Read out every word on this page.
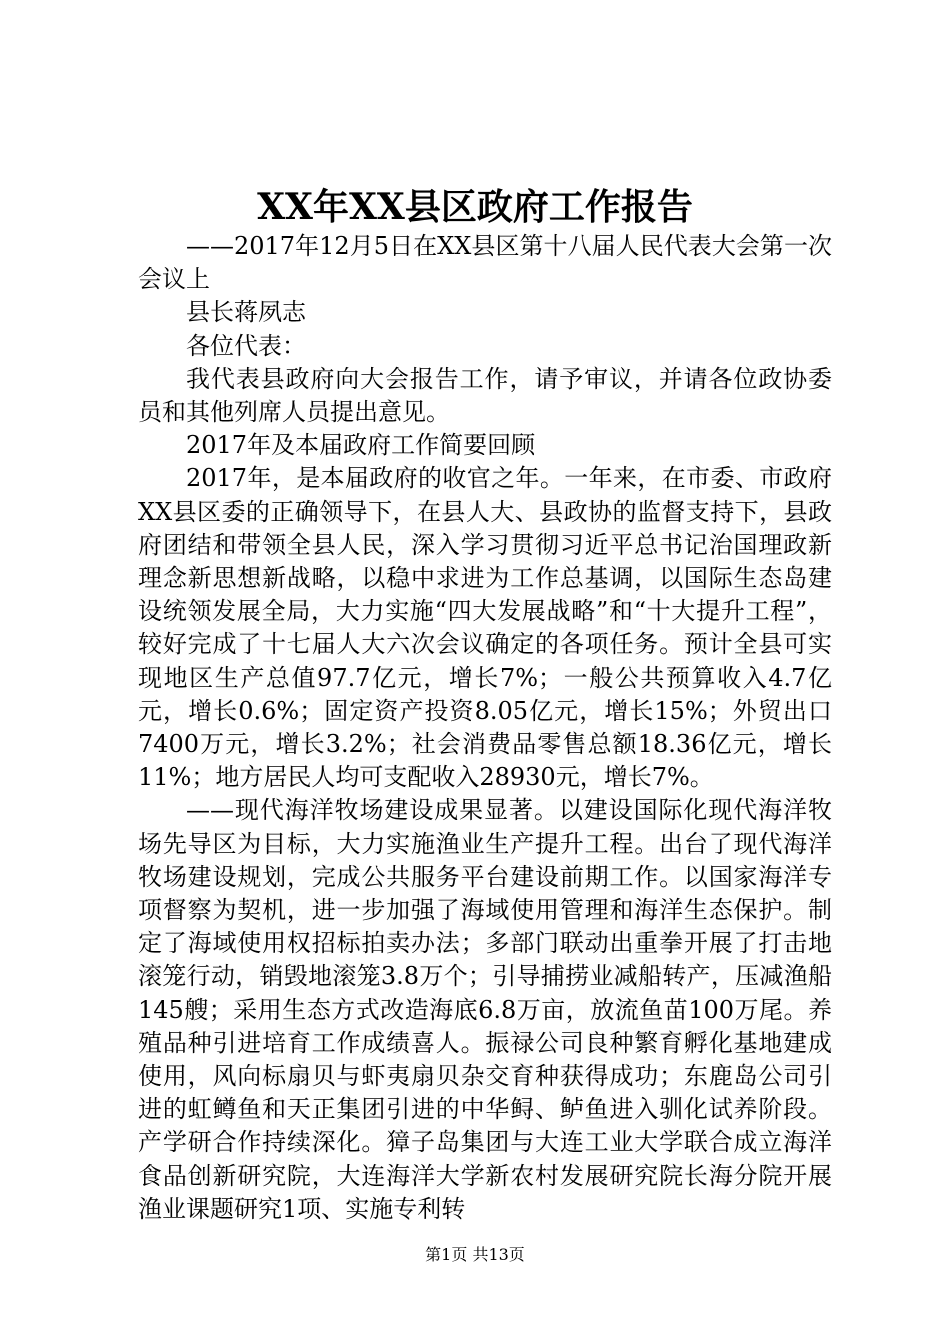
XX年XX县区政府工作报告

——2017年12月5日在XX县区第十八届人民代表大会第一次会议上

县长蒋夙志

各位代表：

我代表县政府向大会报告工作，请予审议，并请各位政协委员和其他列席人员提出意见。

2017年及本届政府工作简要回顾

2017年，是本届政府的收官之年。一年来，在市委、市政府XX县区委的正确领导下，在县人大、县政协的监督支持下，县政府团结和带领全县人民，深入学习贯彻习近平总书记治国理政新理念新思想新战略，以稳中求进为工作总基调，以国际生态岛建设统领发展全局，大力实施“四大发展战略”和“十大提升工程”，较好完成了十七届人大六次会议确定的各项任务。预计全县可实现地区生产总值97.7亿元，增长7%；一般公共预算收入4.7亿元，增长0.6%；固定资产投资8.05亿元，增长15%；外贸出口7400万元，增长3.2%；社会消费品零售总额18.36亿元，增长11%；地方居民人均可支配收入28930元，增长7%。

——现代海洋牧场建设成果显著。以建设国际化现代海洋牧场先导区为目标，大力实施渔业生产提升工程。出台了现代海洋牧场建设规划，完成公共服务平台建设前期工作。以国家海洋专项督察为契机，进一步加强了海域使用管理和海洋生态保护。制定了海域使用权招标拍卖办法；多部门联动出重拳开展了打击地滚笼行动，销毁地滚笼3.8万个；引导捕捞业减船转产，压减渔船145艘；采用生态方式改造海底6.8万亩，放流鱼苗100万尾。养殖品种引进培育工作成绩喜人。振禄公司良种繁育孵化基地建成使用，风向标扇贝与虾夷扇贝杂交育种获得成功；东鹿岛公司引进的虹鳟鱼和天正集团引进的中华鲟、鲈鱼进入驯化试养阶段。产学研合作持续深化。獐子岛集团与大连工业大学联合成立海洋食品创新研究院，大连海洋大学新农村发展研究院长海分院开展渔业课题研究1项、实施专利转

第1页 共13页
